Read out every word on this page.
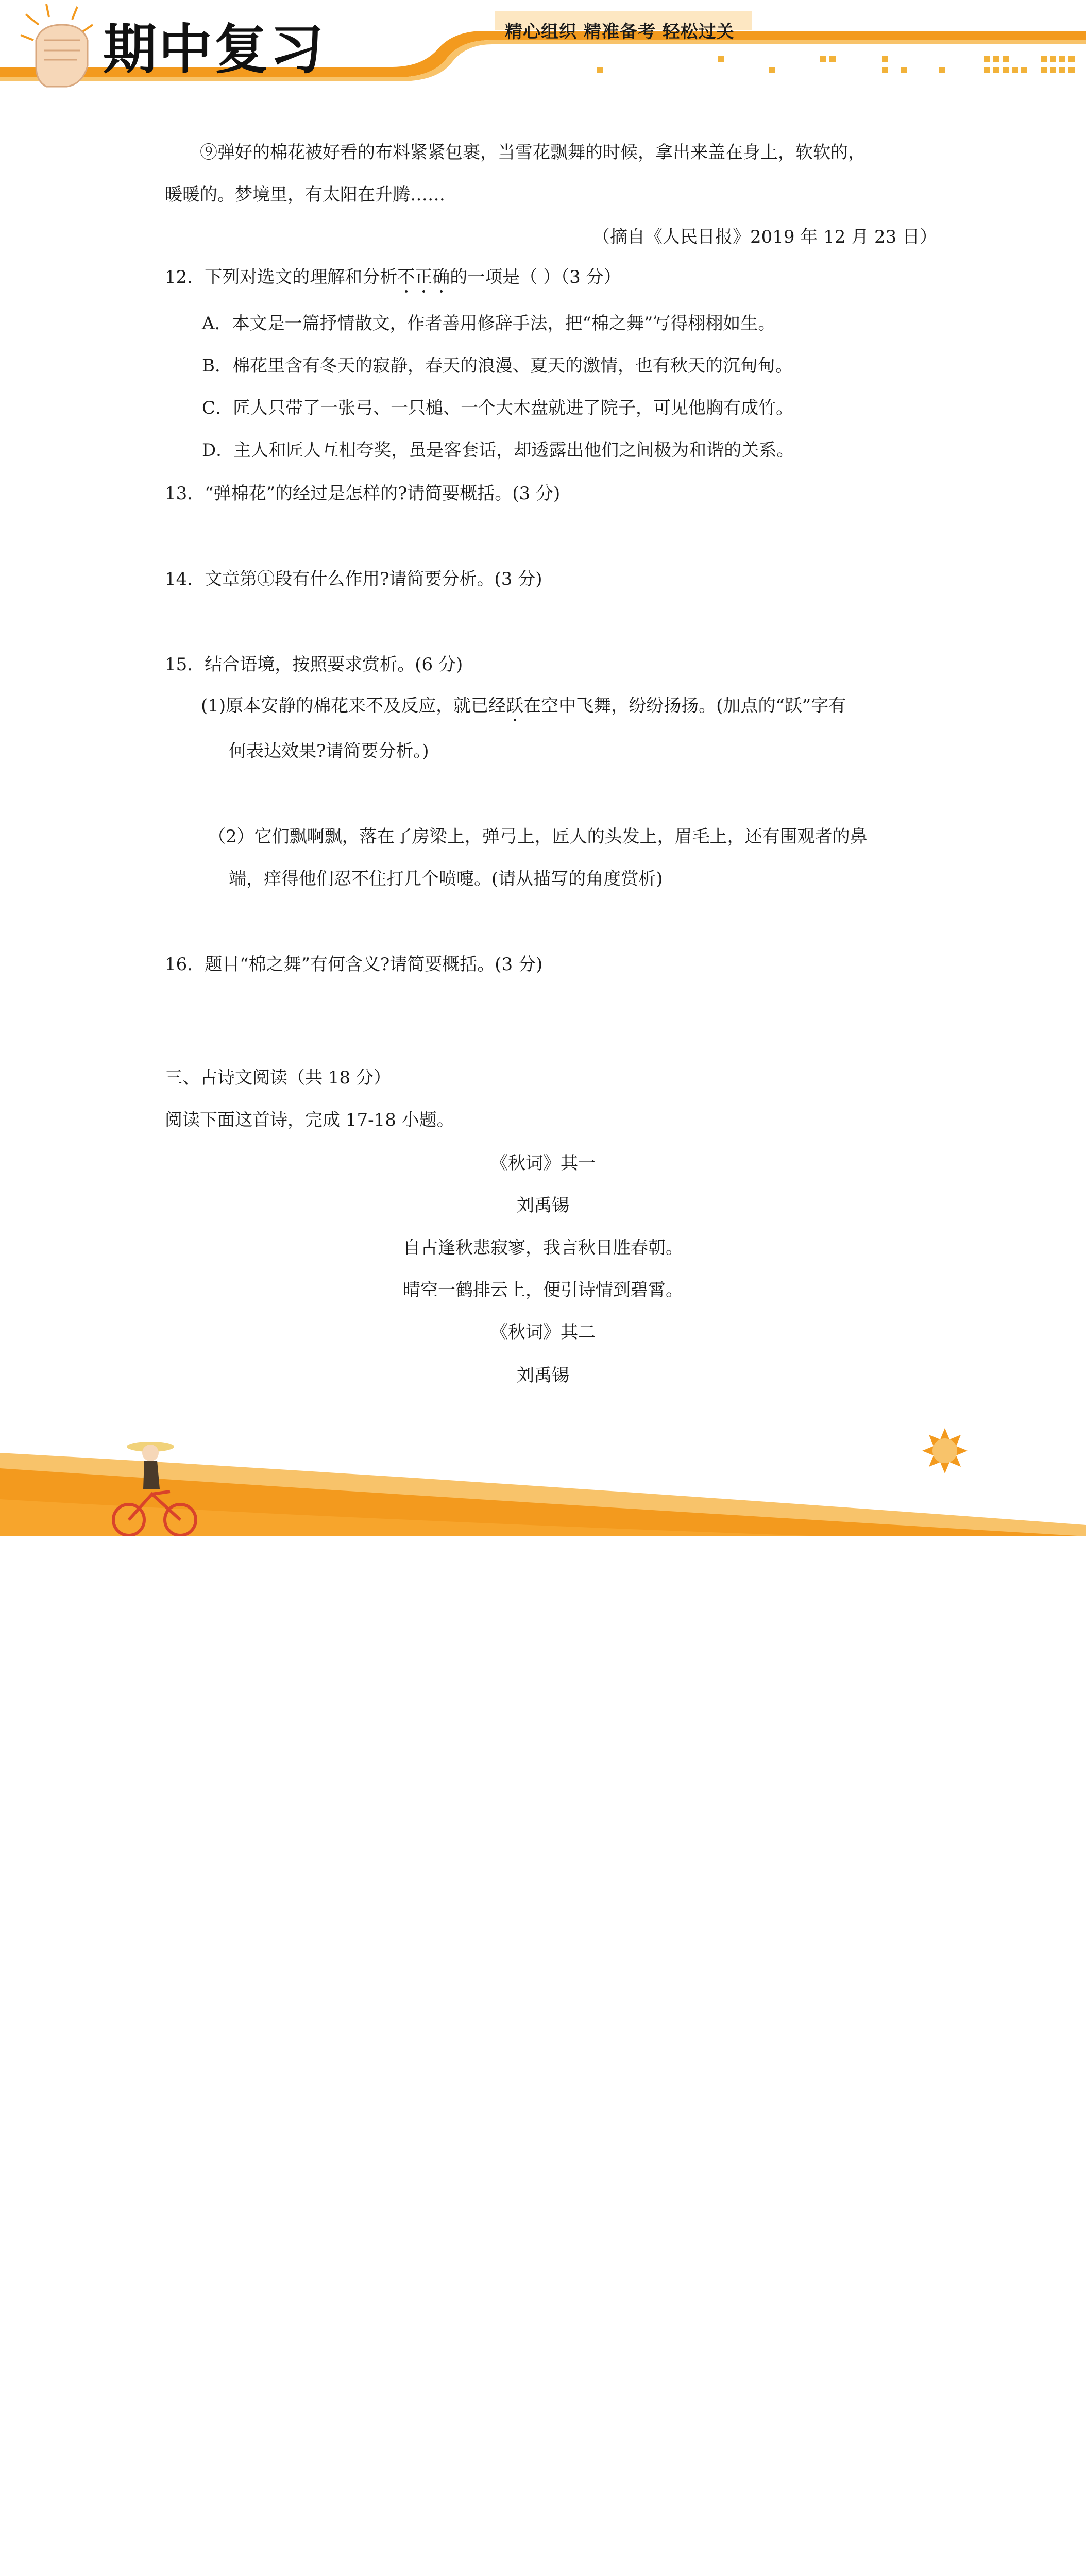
期中复习	精心组织 精准备考 轻松过关
⑨弹好的棉花被好看的布料紧紧包裹，当雪花飘舞的时候，拿出来盖在身上，软软的，
暖暖的。梦境里，有太阳在升腾……
（摘自《人民日报》2019 年 12 月 23 日）
12．下列对选文的理解和分析不正确的一项是（ ）（3 分）
A．本文是一篇抒情散文，作者善用修辞手法，把“棉之舞”写得栩栩如生。
B．棉花里含有冬天的寂静，春天的浪漫、夏天的激情，也有秋天的沉甸甸。
C．匠人只带了一张弓、一只槌、一个大木盘就进了院子，可见他胸有成竹。
D．主人和匠人互相夸奖，虽是客套话，却透露出他们之间极为和谐的关系。
13．“弹棉花”的经过是怎样的?请简要概括。(3 分)
14．文章第①段有什么作用?请简要分析。(3 分)
15．结合语境，按照要求赏析。(6 分)
(1)原本安静的棉花来不及反应，就已经跃在空中飞舞，纷纷扬扬。(加点的“跃”字有
何表达效果?请简要分析。)
（2）它们飘啊飘，落在了房梁上，弹弓上，匠人的头发上，眉毛上，还有围观者的鼻
端，痒得他们忍不住打几个喷嚏。(请从描写的角度赏析)
16．题目“棉之舞”有何含义?请简要概括。(3 分)
三、古诗文阅读（共 18 分）
阅读下面这首诗，完成 17-18 小题。
《秋词》其一
刘禹锡
自古逢秋悲寂寥，我言秋日胜春朝。
晴空一鹤排云上，便引诗情到碧霄。
《秋词》其二
刘禹锡
